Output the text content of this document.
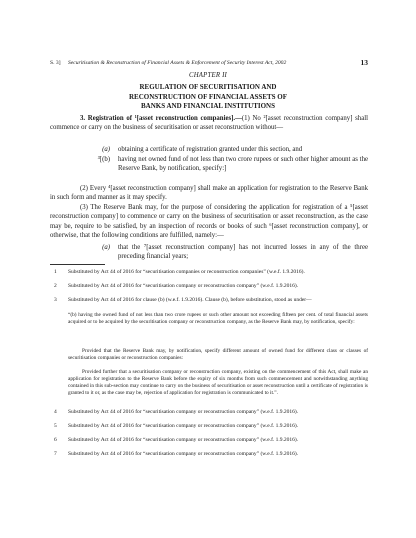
S. 3] Securitisation & Reconstruction of Financial Assets & Enforcement of Security Interest Act, 2002	13
CHAPTER II
REGULATION OF SECURITISATION AND
RECONSTRUCTION OF FINANCIAL ASSETS OF
BANKS AND FINANCIAL INSTITUTIONS
3. Registration of ¹[asset reconstruction companies].—(1) No ²[asset reconstruction company] shall commence or carry on the business of securitisation or asset reconstruction without—
(a) obtaining a certificate of registration granted under this section, and
³[(b) having net owned fund of not less than two crore rupees or such other higher amount as the Reserve Bank, by notification, specify:]
(2) Every ⁴[asset reconstruction company] shall make an application for registration to the Reserve Bank in such form and manner as it may specify.
(3) The Reserve Bank may, for the purpose of considering the application for registration of a ⁵[asset reconstruction company] to commence or carry on the business of securitisation or asset reconstruction, as the case may be, require to be satisfied, by an inspection of records or books of such ⁶[asset reconstruction company], or otherwise, that the following conditions are fulfilled, namely:—
(a) that the ⁷[asset reconstruction company] has not incurred losses in any of the three preceding financial years;
1	Substituted by Act 44 of 2016 for “securitisation companies or reconstruction companies” (w.e.f. 1.9.2016).
2	Substituted by Act 44 of 2016 for “securitisation company or reconstruction company” (w.e.f. 1.9.2016).
3	Substituted by Act 44 of 2016 for clause (b) (w.e.f. 1.9.2016). Clause (b), before substitution, stood as under—
“(b) having the owned fund of not less than two crore rupees or such other amount not exceeding fifteen per cent. of total financial assets acquired or to be acquired by the securitisation company or reconstruction company, as the Reserve Bank may, by notification, specify:
Provided that the Reserve Bank may, by notification, specify different amount of owned fund for different class or classes of securitisation companies or reconstruction companies:
Provided further that a securitisation company or reconstruction company, existing on the commencement of this Act, shall make an application for registration to the Reserve Bank before the expiry of six months from such commencement and notwithstanding anything contained in this sub-section may continue to carry on the business of securitisation or asset reconstruction until a certificate of registration is granted to it or, as the case may be, rejection of application for registration is communicated to it.”.
4	Substituted by Act 44 of 2016 for “securitisation company or reconstruction company” (w.e.f. 1.9.2016).
5	Substituted by Act 44 of 2016 for “securitisation company or reconstruction company” (w.e.f. 1.9.2016).
6	Substituted by Act 44 of 2016 for “securitisation company or reconstruction company” (w.e.f. 1.9.2016).
7	Substituted by Act 44 of 2016 for “securitisation company or reconstruction company” (w.e.f. 1.9.2016).
